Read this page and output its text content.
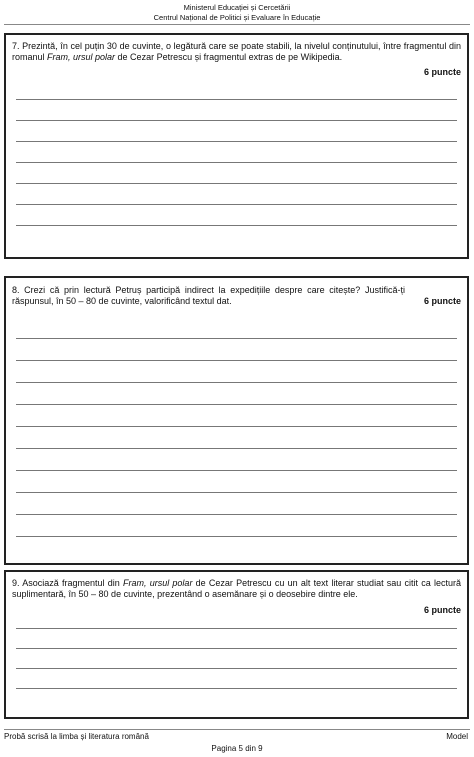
Ministerul Educației și Cercetării
Centrul Național de Politici și Evaluare în Educație
7. Prezintă, în cel puțin 30 de cuvinte, o legătură care se poate stabili, la nivelul conținutului, între fragmentul din romanul Fram, ursul polar de Cezar Petrescu și fragmentul extras de pe Wikipedia.
6 puncte
8. Crezi că prin lectură Petruș participă indirect la expedițiile despre care citește? Justifică-ți răspunsul, în 50 – 80 de cuvinte, valorificând textul dat.	6 puncte
9. Asociază fragmentul din Fram, ursul polar de Cezar Petrescu cu un alt text literar studiat sau citit ca lectură suplimentară, în 50 – 80 de cuvinte, prezentând o asemănare și o deosebire dintre ele.
6 puncte
Probă scrisă la limba și literatura română	Model
Pagina 5 din 9
